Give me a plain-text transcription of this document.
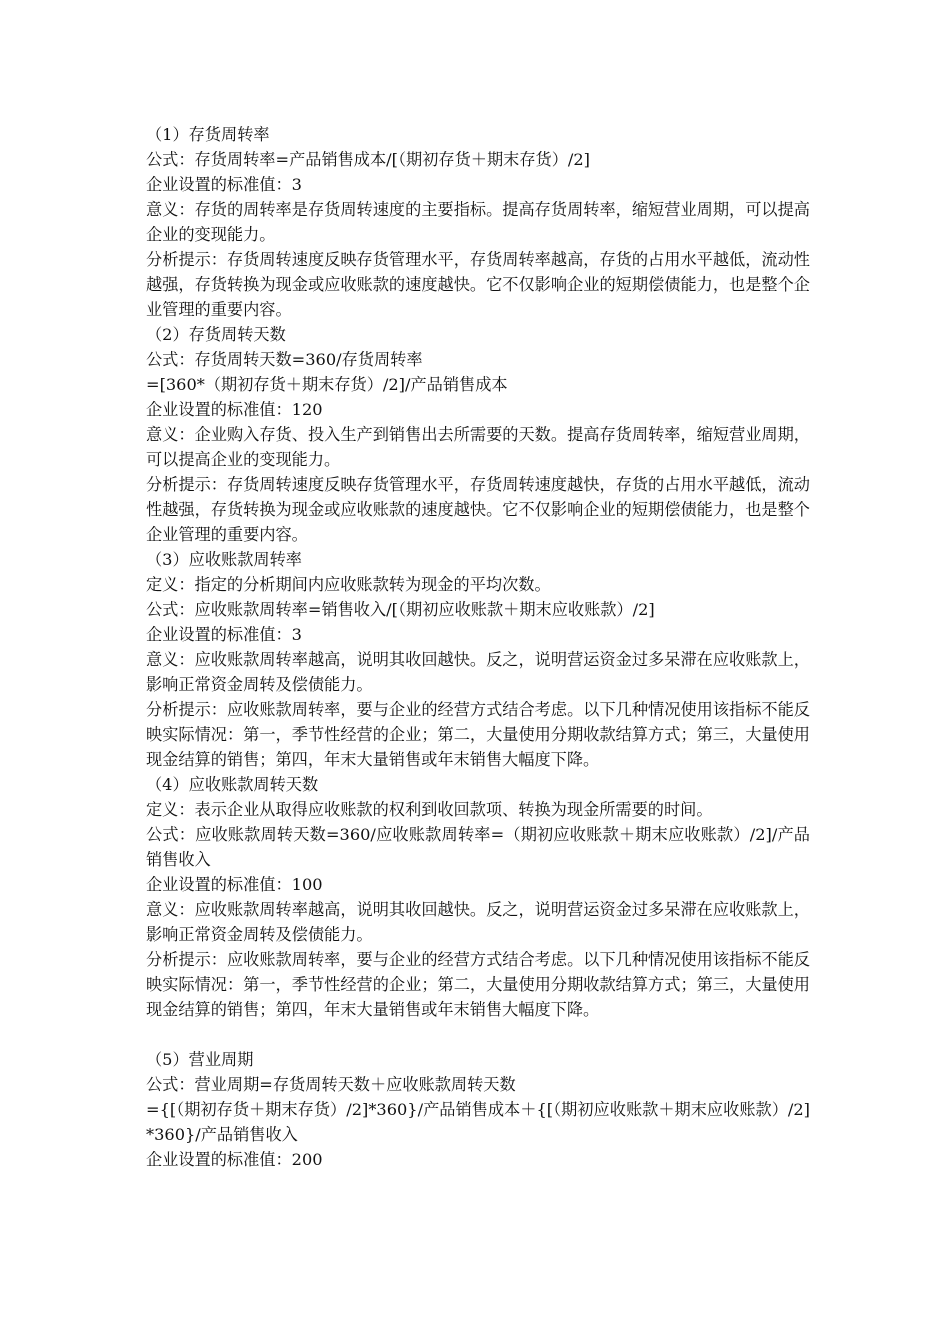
（1）存货周转率

公式：存货周转率=产品销售成本/[（期初存货＋期末存货）/2]

企业设置的标准值：3

意义：存货的周转率是存货周转速度的主要指标。提高存货周转率，缩短营业周期，可以提高企业的变现能力。

分析提示：存货周转速度反映存货管理水平，存货周转率越高，存货的占用水平越低，流动性越强，存货转换为现金或应收账款的速度越快。它不仅影响企业的短期偿债能力，也是整个企业管理的重要内容。

（2）存货周转天数

公式：存货周转天数=360/存货周转率

=[360*（期初存货＋期末存货）/2]/产品销售成本

企业设置的标准值：120

意义：企业购入存货、投入生产到销售出去所需要的天数。提高存货周转率，缩短营业周期，可以提高企业的变现能力。

分析提示：存货周转速度反映存货管理水平，存货周转速度越快，存货的占用水平越低，流动性越强，存货转换为现金或应收账款的速度越快。它不仅影响企业的短期偿债能力，也是整个企业管理的重要内容。

（3）应收账款周转率

定义：指定的分析期间内应收账款转为现金的平均次数。

公式：应收账款周转率=销售收入/[（期初应收账款＋期末应收账款）/2]

企业设置的标准值：3

意义：应收账款周转率越高，说明其收回越快。反之，说明营运资金过多呆滞在应收账款上，影响正常资金周转及偿债能力。

分析提示：应收账款周转率，要与企业的经营方式结合考虑。以下几种情况使用该指标不能反映实际情况：第一，季节性经营的企业；第二，大量使用分期收款结算方式；第三，大量使用现金结算的销售；第四，年末大量销售或年末销售大幅度下降。

（4）应收账款周转天数

定义：表示企业从取得应收账款的权利到收回款项、转换为现金所需要的时间。

公式：应收账款周转天数=360/应收账款周转率=（期初应收账款＋期末应收账款）/2]/产品销售收入

企业设置的标准值：100

意义：应收账款周转率越高，说明其收回越快。反之，说明营运资金过多呆滞在应收账款上，影响正常资金周转及偿债能力。

分析提示：应收账款周转率，要与企业的经营方式结合考虑。以下几种情况使用该指标不能反映实际情况：第一，季节性经营的企业；第二，大量使用分期收款结算方式；第三，大量使用现金结算的销售；第四，年末大量销售或年末销售大幅度下降。

（5）营业周期

公式：营业周期=存货周转天数＋应收账款周转天数

={[（期初存货＋期末存货）/2]*360}/产品销售成本＋{[（期初应收账款＋期末应收账款）/2]*360}/产品销售收入

企业设置的标准值：200
